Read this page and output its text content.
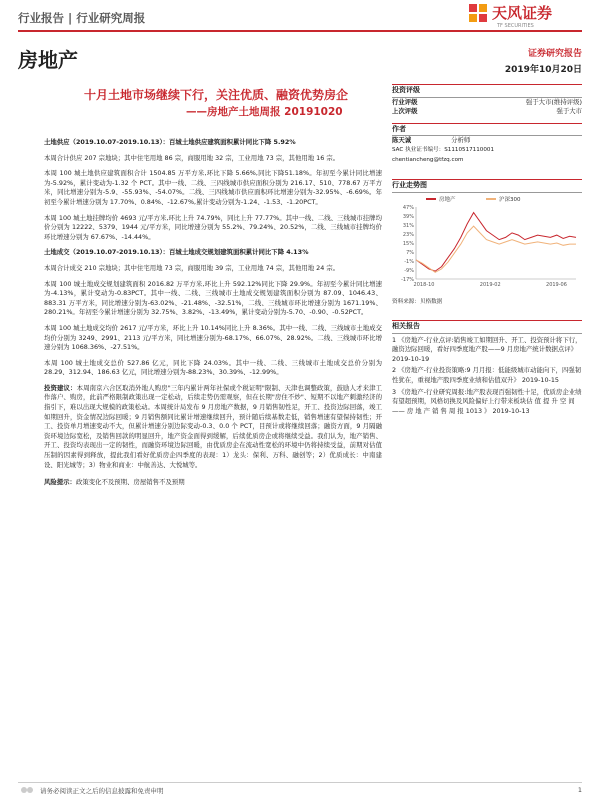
行业报告 | 行业研究周报	天风证券
TF SECURITIES
房地产	证券研究报告
2019年10月20日
十月土地市场继续下行，关注优质、融资优势房企
——房地产土地周报 20191020

土地供应（2019.10.07-2019.10.13）：百城土地供应建筑面积累计同比下降 5.92%

本周合计供应 207 宗地块；其中住宅用地 86 宗，商服用地 32 宗，工业用地 73 宗，其他用地 16 宗。

本周 100 城土地供应建筑面积合计 1504.85 万平方米,环比下降 5.66%,同比下降51.18%。年初至今累计同比增速为-5.92%，累计变动为-1.32 个 PCT。其中一线、二线、三四线城市供应面积分别为 216.17、510、778.67 万平方米，同比增速分别为-5.9、-55.93%、-54.07%。二线、三四线城市供应面积环比增速分别为-32.95%、-6.69%。年初至今累计增速分别为 17.70%、0.84%、-12.67%,累计变动分别为-1.24、-1.53、-1.20PCT。

本周 100 城土地挂牌均价 4693 元/平方米,环比上升 74.79%，同比上升 77.77%。其中一线、二线、三线城市挂牌均价分别为 12222、5379、1944 元/平方米，同比增速分别为 55.2%、79.24%、20.52%，二线、三线城市挂牌均价环比增速分别为 67.67%、-14.44%。

土地成交（2019.10.07-2019.10.13）：百城土地成交规划建筑面积累计同比下降 4.13%

本周合计成交 210 宗地块；其中住宅用地 73 宗，商服用地 39 宗，工业用地 74 宗，其他用地 24 宗。

本周 100 城土地成交规划建筑面积 2016.82 万平方米,环比上升 592.12%同比下降 29.9%。年初至今累计同比增速为-4.13%，累计变动为-0.83PCT。其中一线、二线、三线城市土地成交规划建筑面积分别为 87.09、1046.43、883.31 万平方米，同比增速分别为-63.02%、-21.48%、-32.51%，二线、三线城市环比增速分别为 1671.19%、280.21%。年初至今累计增速分别为 32.75%、3.82%、-13.49%，累计变动分别为-5.70、-0.90、-0.52PCT。

本周 100 城土地成交均价 2617 元/平方米，环比上升 10.14%同比上升 8.36%。其中一线、二线、三线城市土地成交均价分别为 3249、2991、2113 元/平方米，同比增速分别为-68.17%、66.07%、28.92%。二线、三线城市环比增速分别为 1068.36%、-27.51%。

本周 100 城土地成交总价 527.86 亿元，同比下降 24.03%。其中一线、二线、三线城市土地成交总价分别为 28.29、312.94、186.63 亿元，同比增速分别为-88.23%、30.39%、-12.99%。

投资建议：本周南京六合区取消外地人购房"三年内累计两年社保或个税证明"限制、天津也调整政策，鼓励人才来津工作落户、购房，此前严格限制政策出现一定松动，后续走势仍需观察，但在长期"房住不炒"、短期不以地产刺激经济的指引下，难以出现大规模的政策松动。本周统计局发布 9 月房地产数据，9 月销售韧性足，开工、投资边际回落，竣工如期回升，资金情况边际回暖；9 月销售额同比累计增速继续回升，预计随后续基数走低，销售增速有望保持韧性；开工、投资单月增速变动不大，但累计增速分别边际变动-0.3、0.0 个 PCT，目预计或将继续回落；融资方面，9 月隔融资环境边际宽松，及销售回款的明显回升，地产资金面得到缓解，后续优质房企或将继续受益。我们认为，地产销售、开工、投资均表现出一定的韧性，而融资环境边际回暖，由优质房企在流动性宽松的环境中仍将持续受益，前期对估值压制的因素得到释放，提此我们看好优质房企四季度的表现：1）龙头：保利、万科、融创等；2）优质成长：中南建设、阳光城等；3）物业和商业：中航善达、大悦城等。

风险提示：政策变化不及预期、房屋销售不及预期

投资评级
行业评级	强于大市(维持评级)
上次评级	强于大市
作者
陈天诚	分析师
SAC 执业证书编号：S1110517110001
chentiancheng@tfzq.com
行业走势图
47%
39%
31%
23%
15%
7%
-1%
-9%
-17%
2018-10	2019-02	2019-06
房地产	沪深300
资料来源：贝格数据
相关报告
1 《房地产-行业点评:销售竣工如期回升、开工、投资预计将下行，融资边际回暖，看好四季度地产股——9 月房地产统计数据点评》 2019-10-19
2 《房地产-行业投资策略:9 月月报：低能级城市动能向下，四强韧性犹在，重视地产股四季度业绩和估值双升》 2019-10-15
3 《房地产-行业研究周报:地产股表现百强韧性十足，优质房企业绩有望超预期，风格切换及风险偏好上行带来板块估 值 提 升 空 间 —— 房 地 产 销 售 周 报 1013 》 2019-10-13
请务必阅读正文之后的信息披露和免责申明	1
